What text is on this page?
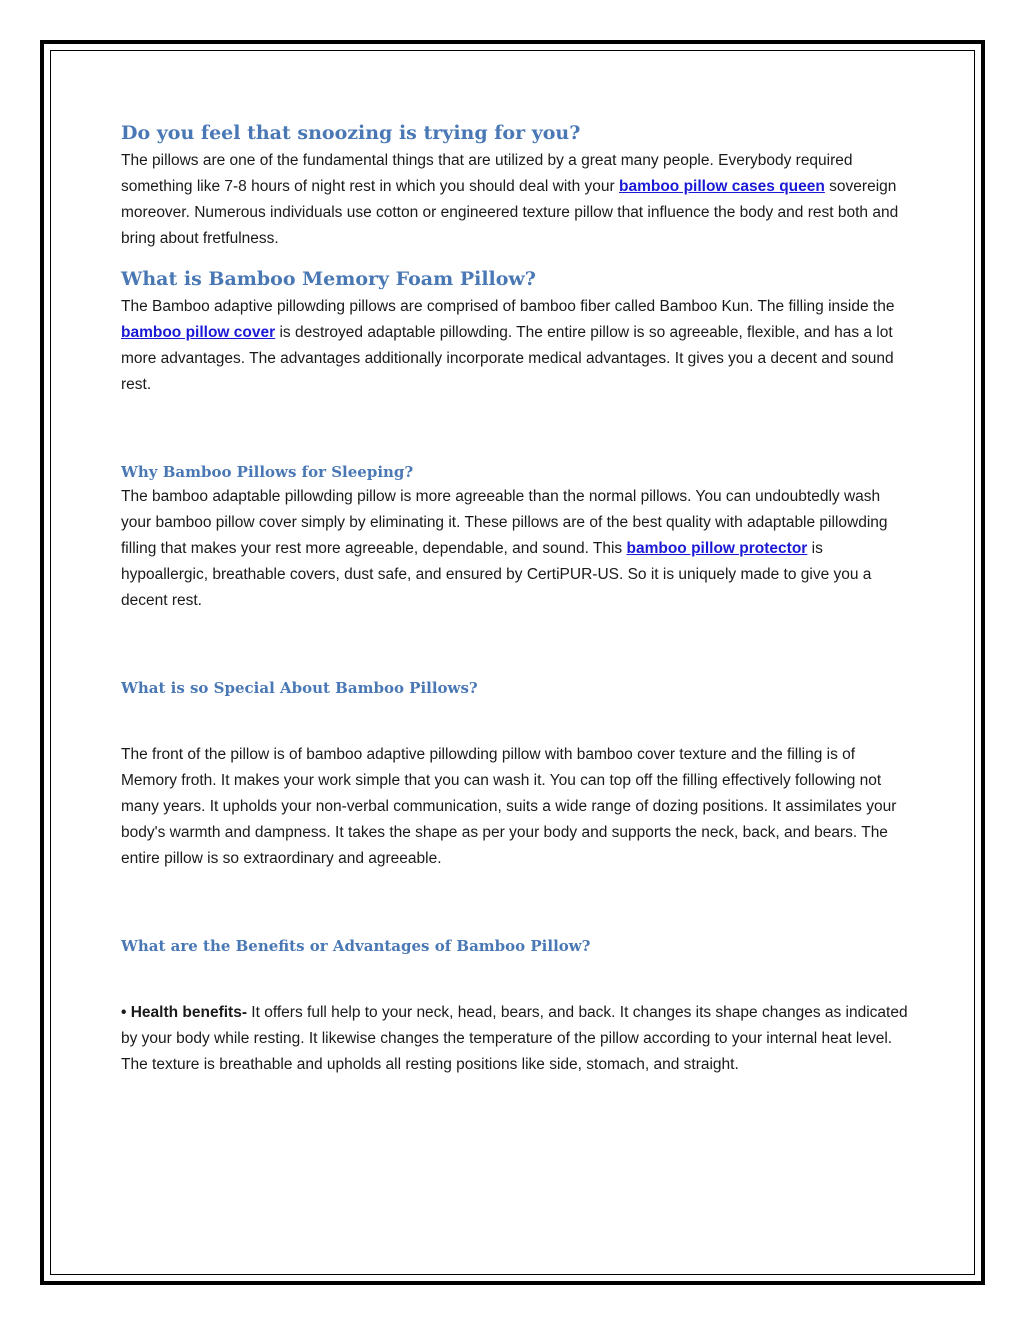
Do you feel that snoozing is trying for you?

The pillows are one of the fundamental things that are utilized by a great many people. Everybody required something like 7-8 hours of night rest in which you should deal with your bamboo pillow cases queen sovereign moreover. Numerous individuals use cotton or engineered texture pillow that influence the body and rest both and bring about fretfulness.

What is Bamboo Memory Foam Pillow?

The Bamboo adaptive pillowding pillows are comprised of bamboo fiber called Bamboo Kun. The filling inside the bamboo pillow cover is destroyed adaptable pillowding. The entire pillow is so agreeable, flexible, and has a lot more advantages. The advantages additionally incorporate medical advantages. It gives you a decent and sound rest.

Why Bamboo Pillows for Sleeping?

The bamboo adaptable pillowding pillow is more agreeable than the normal pillows. You can undoubtedly wash your bamboo pillow cover simply by eliminating it. These pillows are of the best quality with adaptable pillowding filling that makes your rest more agreeable, dependable, and sound. This bamboo pillow protector is hypoallergic, breathable covers, dust safe, and ensured by CertiPUR-US. So it is uniquely made to give you a decent rest.

What is so Special About Bamboo Pillows?

The front of the pillow is of bamboo adaptive pillowding pillow with bamboo cover texture and the filling is of Memory froth. It makes your work simple that you can wash it. You can top off the filling effectively following not many years. It upholds your non-verbal communication, suits a wide range of dozing positions. It assimilates your body's warmth and dampness. It takes the shape as per your body and supports the neck, back, and bears. The entire pillow is so extraordinary and agreeable.

What are the Benefits or Advantages of Bamboo Pillow?

• Health benefits- It offers full help to your neck, head, bears, and back. It changes its shape changes as indicated by your body while resting. It likewise changes the temperature of the pillow according to your internal heat level. The texture is breathable and upholds all resting positions like side, stomach, and straight.
